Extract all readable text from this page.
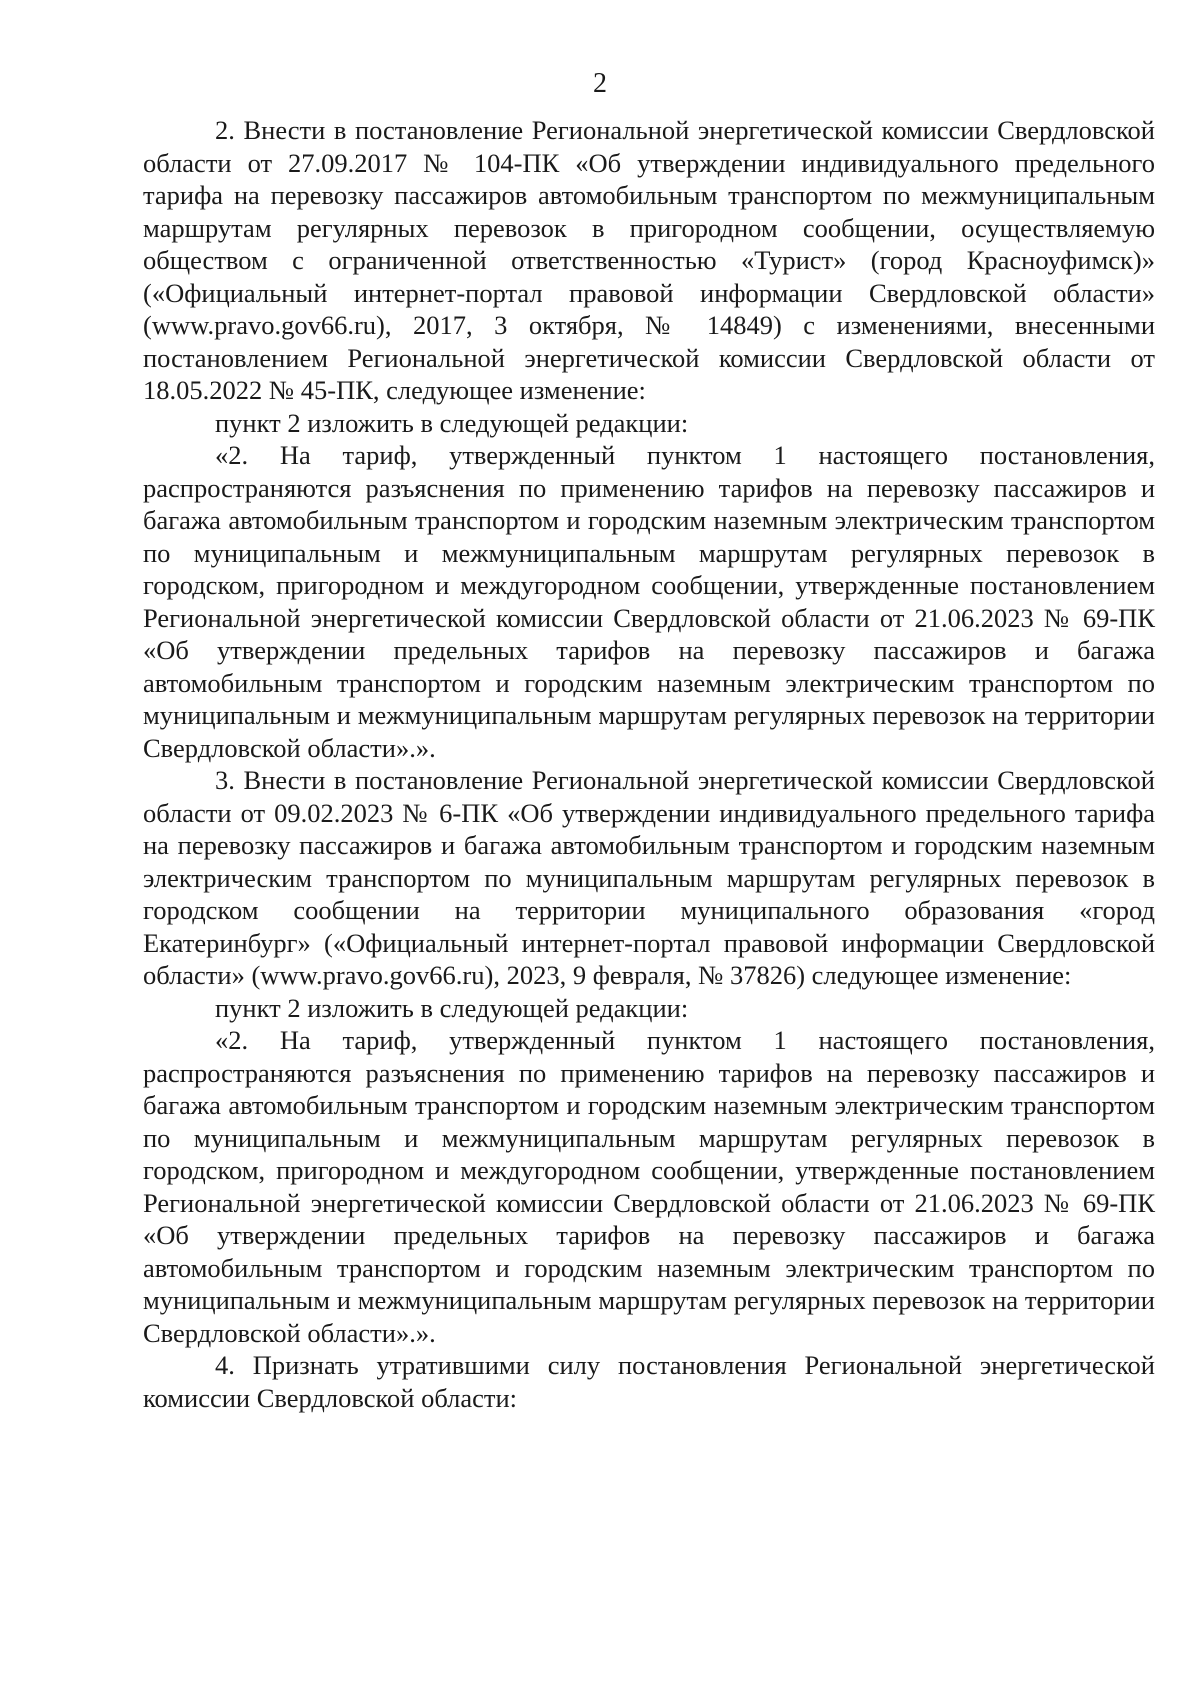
2

2. Внести в постановление Региональной энергетической комиссии Свердловской области от 27.09.2017 № 104-ПК «Об утверждении индивидуального предельного тарифа на перевозку пассажиров автомобильным транспортом по межмуниципальным маршрутам регулярных перевозок в пригородном сообщении, осуществляемую обществом с ограниченной ответственностью «Турист» (город Красноуфимск)» («Официальный интернет-портал правовой информации Свердловской области» (www.pravo.gov66.ru), 2017, 3 октября, № 14849) с изменениями, внесенными постановлением Региональной энергетической комиссии Свердловской области от 18.05.2022 № 45-ПК, следующее изменение:

пункт 2 изложить в следующей редакции:

«2. На тариф, утвержденный пунктом 1 настоящего постановления, распространяются разъяснения по применению тарифов на перевозку пассажиров и багажа автомобильным транспортом и городским наземным электрическим транспортом по муниципальным и межмуниципальным маршрутам регулярных перевозок в городском, пригородном и междугородном сообщении, утвержденные постановлением Региональной энергетической комиссии Свердловской области от 21.06.2023 № 69-ПК «Об утверждении предельных тарифов на перевозку пассажиров и багажа автомобильным транспортом и городским наземным электрическим транспортом по муниципальным и межмуниципальным маршрутам регулярных перевозок на территории Свердловской области».».

3. Внести в постановление Региональной энергетической комиссии Свердловской области от 09.02.2023 № 6-ПК «Об утверждении индивидуального предельного тарифа на перевозку пассажиров и багажа автомобильным транспортом и городским наземным электрическим транспортом по муниципальным маршрутам регулярных перевозок в городском сообщении на территории муниципального образования «город Екатеринбург» («Официальный интернет-портал правовой информации Свердловской области» (www.pravo.gov66.ru), 2023, 9 февраля, № 37826) следующее изменение:

пункт 2 изложить в следующей редакции:

«2. На тариф, утвержденный пунктом 1 настоящего постановления, распространяются разъяснения по применению тарифов на перевозку пассажиров и багажа автомобильным транспортом и городским наземным электрическим транспортом по муниципальным и межмуниципальным маршрутам регулярных перевозок в городском, пригородном и междугородном сообщении, утвержденные постановлением Региональной энергетической комиссии Свердловской области от 21.06.2023 № 69-ПК «Об утверждении предельных тарифов на перевозку пассажиров и багажа автомобильным транспортом и городским наземным электрическим транспортом по муниципальным и межмуниципальным маршрутам регулярных перевозок на территории Свердловской области».».

4. Признать утратившими силу постановления Региональной энергетической комиссии Свердловской области:
